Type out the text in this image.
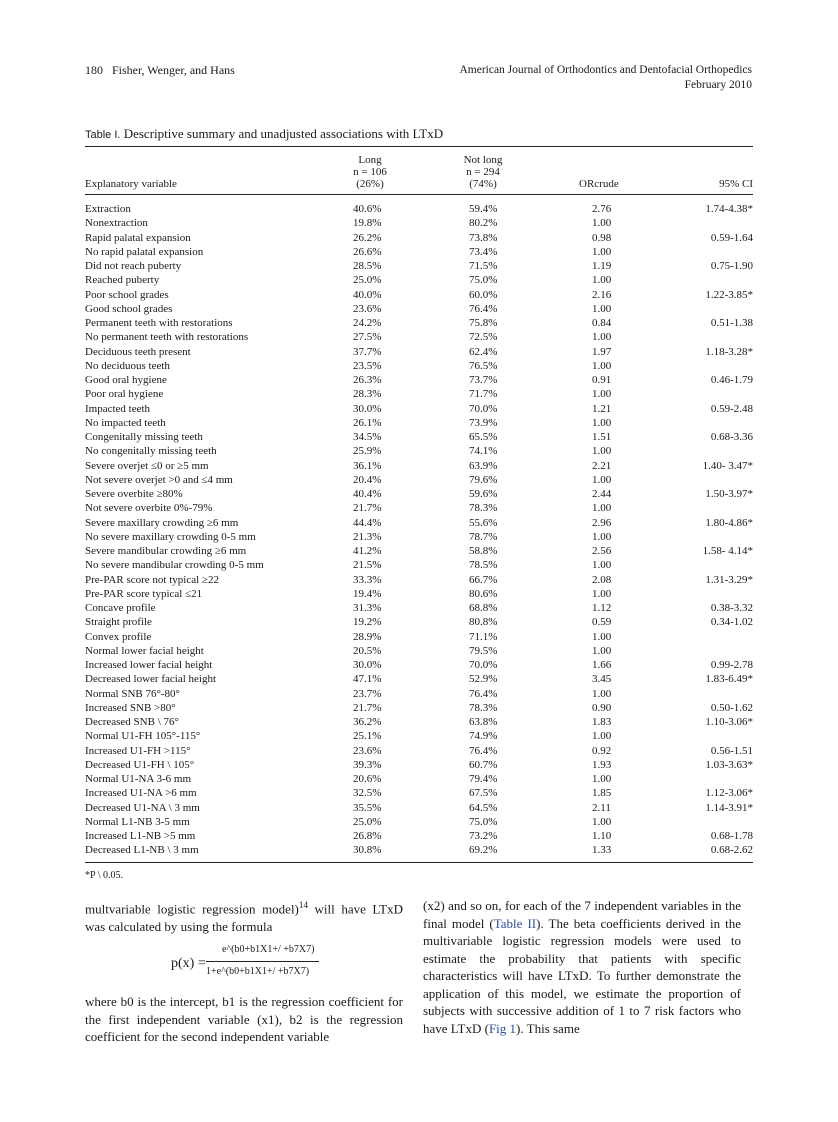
180 Fisher, Wenger, and Hans	American Journal of Orthodontics and Dentofacial Orthopedics
February 2010
Table I. Descriptive summary and unadjusted associations with LTxD
Explanatory variable
Long
n = 106
(26%)
Not long
n = 294
(74%)	ORcrude	95% CI
Extraction	40.6%	59.4%	2.76	1.74-4.38*
Nonextraction	19.8%	80.2%	1.00
Rapid palatal expansion	26.2%	73.8%	0.98	0.59-1.64
No rapid palatal expansion	26.6%	73.4%	1.00
Did not reach puberty	28.5%	71.5%	1.19	0.75-1.90
Reached puberty	25.0%	75.0%	1.00
Poor school grades	40.0%	60.0%	2.16	1.22-3.85*
Good school grades	23.6%	76.4%	1.00
Permanent teeth with restorations	24.2%	75.8%	0.84	0.51-1.38
No permanent teeth with restorations	27.5%	72.5%	1.00
Deciduous teeth present	37.7%	62.4%	1.97	1.18-3.28*
No deciduous teeth	23.5%	76.5%	1.00
Good oral hygiene	26.3%	73.7%	0.91	0.46-1.79
Poor oral hygiene	28.3%	71.7%	1.00
Impacted teeth	30.0%	70.0%	1.21	0.59-2.48
No impacted teeth	26.1%	73.9%	1.00
Congenitally missing teeth	34.5%	65.5%	1.51	0.68-3.36
No congenitally missing teeth	25.9%	74.1%	1.00
Severe overjet ≤0 or ≥5 mm	36.1%	63.9%	2.21	1.40- 3.47*
Not severe overjet >0 and ≤4 mm	20.4%	79.6%	1.00
Severe overbite ≥80%	40.4%	59.6%	2.44	1.50-3.97*
Not severe overbite 0%-79%	21.7%	78.3%	1.00
Severe maxillary crowding ≥6 mm	44.4%	55.6%	2.96	1.80-4.86*
No severe maxillary crowding 0-5 mm	21.3%	78.7%	1.00
Severe mandibular crowding ≥6 mm	41.2%	58.8%	2.56	1.58- 4.14*
No severe mandibular crowding 0-5 mm	21.5%	78.5%	1.00
Pre-PAR score not typical ≥22	33.3%	66.7%	2.08	1.31-3.29*
Pre-PAR score typical ≤21	19.4%	80.6%	1.00
Concave profile	31.3%	68.8%	1.12	0.38-3.32
Straight profile	19.2%	80.8%	0.59	0.34-1.02
Convex profile	28.9%	71.1%	1.00
Normal lower facial height	20.5%	79.5%	1.00
Increased lower facial height	30.0%	70.0%	1.66	0.99-2.78
Decreased lower facial height	47.1%	52.9%	3.45	1.83-6.49*
Normal SNB 76°-80°	23.7%	76.4%	1.00
Increased SNB >80°	21.7%	78.3%	0.90	0.50-1.62
Decreased SNB \ 76°	36.2%	63.8%	1.83	1.10-3.06*
Normal U1-FH 105°-115°	25.1%	74.9%	1.00
Increased U1-FH >115°	23.6%	76.4%	0.92	0.56-1.51
Decreased U1-FH \ 105°	39.3%	60.7%	1.93	1.03-3.63*
Normal U1-NA 3-6 mm	20.6%	79.4%	1.00
Increased U1-NA >6 mm	32.5%	67.5%	1.85	1.12-3.06*
Decreased U1-NA \ 3 mm	35.5%	64.5%	2.11	1.14-3.91*
Normal L1-NB 3-5 mm	25.0%	75.0%	1.00
Increased L1-NB >5 mm	26.8%	73.2%	1.10	0.68-1.78
Decreased L1-NB \ 3 mm	30.8%	69.2%	1.33	0.68-2.62
*P \ 0.05.

multvariable logistic regression model)$^{14}$ will have LTxD was calculated by using the formula

p(x) =
e^(b0+b1X1+/ +b7X7)
1+e^(b0+b1X1+/ +b7X7)

where b0 is the intercept, b1 is the regression coefficient for the first independent variable (x1), b2 is the regression coefficient for the second independent variable

(x2) and so on, for each of the 7 independent variables in the final model (Table II). The beta coefficients derived in the multivariable logistic regression models were used to estimate the probability that patients with specific characteristics will have LTxD. To further demonstrate the application of this model, we estimate the proportion of subjects with successive addition of 1 to 7 risk factors who have LTxD (Fig 1). This same
